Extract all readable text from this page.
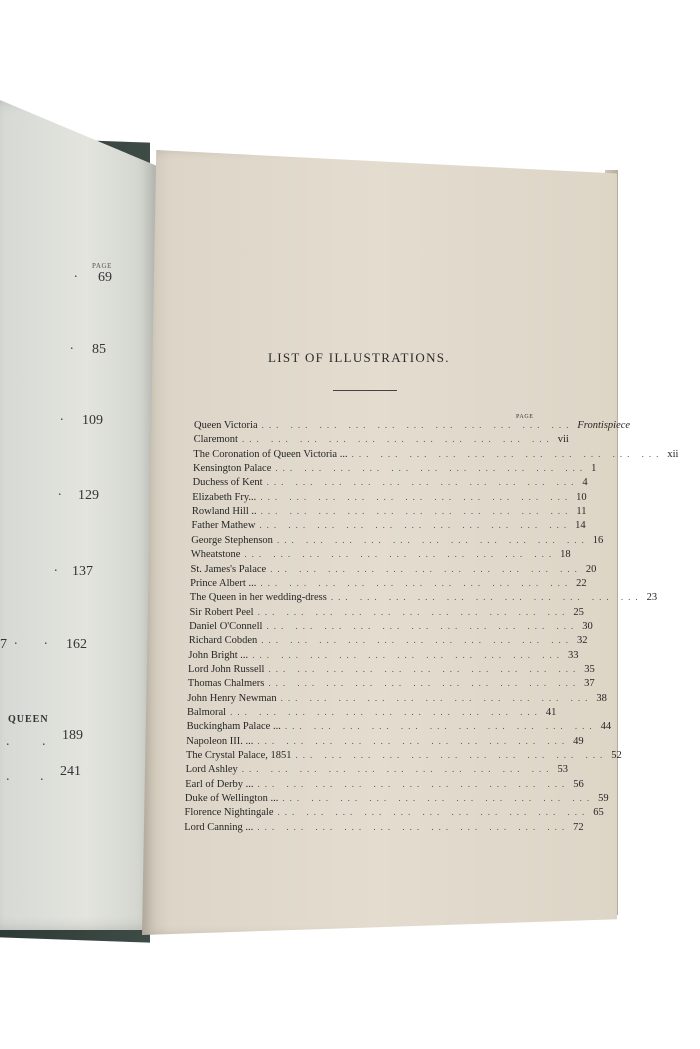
PAGE
69
.
85
.
109
.
129
.
137
.
7 . . 162
QUEEN
. . 189
. . 241
LIST OF ILLUSTRATIONS.
PAGE
Queen Victoria ... ... ... ... ... ... ... ... ... ... ... Frontispiece
Claremont ... ... ... ... ... ... ... ... ... ... ... vii
The Coronation of Queen Victoria ... ... ... ... ... ... ... ... ... ... ... ... xii
Kensington Palace ... ... ... ... ... ... ... ... ... ... ... 1
Duchess of Kent ... ... ... ... ... ... ... ... ... ... ... 4
Elizabeth Fry... ... ... ... ... ... ... ... ... ... ... ... 10
Rowland Hill .. ... ... ... ... ... ... ... ... ... ... ... 11
Father Mathew ... ... ... ... ... ... ... ... ... ... ... 14
George Stephenson ... ... ... ... ... ... ... ... ... ... ... 16
Wheatstone ... ... ... ... ... ... ... ... ... ... ... 18
St. James's Palace ... ... ... ... ... ... ... ... ... ... ... 20
Prince Albert ... ... ... ... ... ... ... ... ... ... ... ... 22
The Queen in her wedding-dress ... ... ... ... ... ... ... ... ... ... ... 23
Sir Robert Peel ... ... ... ... ... ... ... ... ... ... ... 25
Daniel O'Connell ... ... ... ... ... ... ... ... ... ... ... 30
Richard Cobden ... ... ... ... ... ... ... ... ... ... ... 32
John Bright ... ... ... ... ... ... ... ... ... ... ... ... 33
Lord John Russell ... ... ... ... ... ... ... ... ... ... ... 35
Thomas Chalmers ... ... ... ... ... ... ... ... ... ... ... 37
John Henry Newman ... ... ... ... ... ... ... ... ... ... ... 38
Balmoral ... ... ... ... ... ... ... ... ... ... ... 41
Buckingham Palace ... ... ... ... ... ... ... ... ... ... ... ... 44
Napoleon III. ... ... ... ... ... ... ... ... ... ... ... ... 49
The Crystal Palace, 1851 ... ... ... ... ... ... ... ... ... ... ... 52
Lord Ashley ... ... ... ... ... ... ... ... ... ... ... 53
Earl of Derby ... ... ... ... ... ... ... ... ... ... ... ... 56
Duke of Wellington ... ... ... ... ... ... ... ... ... ... ... ... 59
Florence Nightingale ... ... ... ... ... ... ... ... ... ... ... 65
Lord Canning ... ... ... ... ... ... ... ... ... ... ... ... 72
